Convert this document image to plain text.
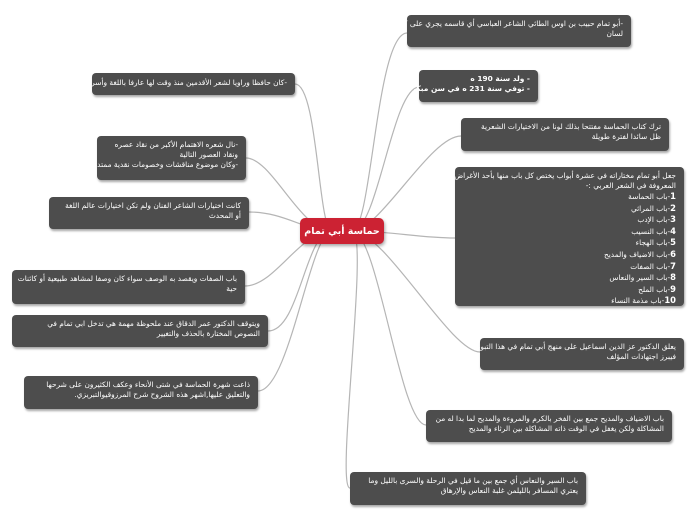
حماسة أبي تمام
-أبو تمام حبيب بن اوس الطائي الشاعر العباسي أي قاسمه يجري على كل
لسان
- ولد سنة 190 ه
- توفي سنة 231 ه في سن مبكرة
ترك كتاب الحماسة مفتتحا بذلك لونا من الاختيارات الشعرية
ظل سائدا لفترة طويلة
جعل أبو تمام مختاراته في عشرة أبواب يختص كل باب منها بأحد الأغراض
المعروفة في الشعر العربي :-
1-باب الحماسة
2-باب المراثي
3-باب الإدب
4-باب النسيب
5-باب الهجاء
6-باب الاضياف والمديح
7-باب الصفات
8-باب السير والنعاس
9-باب الملح
10-باب مذمة النساء
يعلق الدكتور عز الدين اسماعيل على منهج أبي تمام في هذا التبويب
فيبرز اجتهادات المؤلف
باب الاضياف والمديح جمع بين الفخر بالكرم والمروءة والمديح لما بدا له من
المشاكلة ولكن يغفل في الوقت ذاته المشاكلة بين الرثاء والمديح
باب السير والنعاس أي جمع بين ما قيل في الرحلة والسرى بالليل وما
يعتري المسافر بالليلمن غلبة النعاس والإرهاق
-كان حافظا وراويا لشعر الأقدمين منذ وقت لها عارفا باللغة وأسرارها
-نال شعره الاهتمام الأكبر من نقاد عصره
ونقاد العصور التالية
-وكان موضوع مناقشات وخصومات نقدية ممتدة
كانت اختيارات الشاعر الفنان ولم تكن اختيارات عالم اللغة
أو المحدث
باب الصفات ويقصد به الوصف سواء كان وصفا لمشاهد طبيعية أو كائنات
حية
ويتوقف الدكتور عمر الدقاق عند ملحوظة مهمة هي تدخل ابي تمام في
النصوص المختارة بالحذف والتغيير
ذاعت شهرة الحماسة في شتى الأنحاء وعكف الكثيرون على شرحها
والتعليق عليها,اشهر هذه الشروح شرح المرزوقيوالتبريزي.
